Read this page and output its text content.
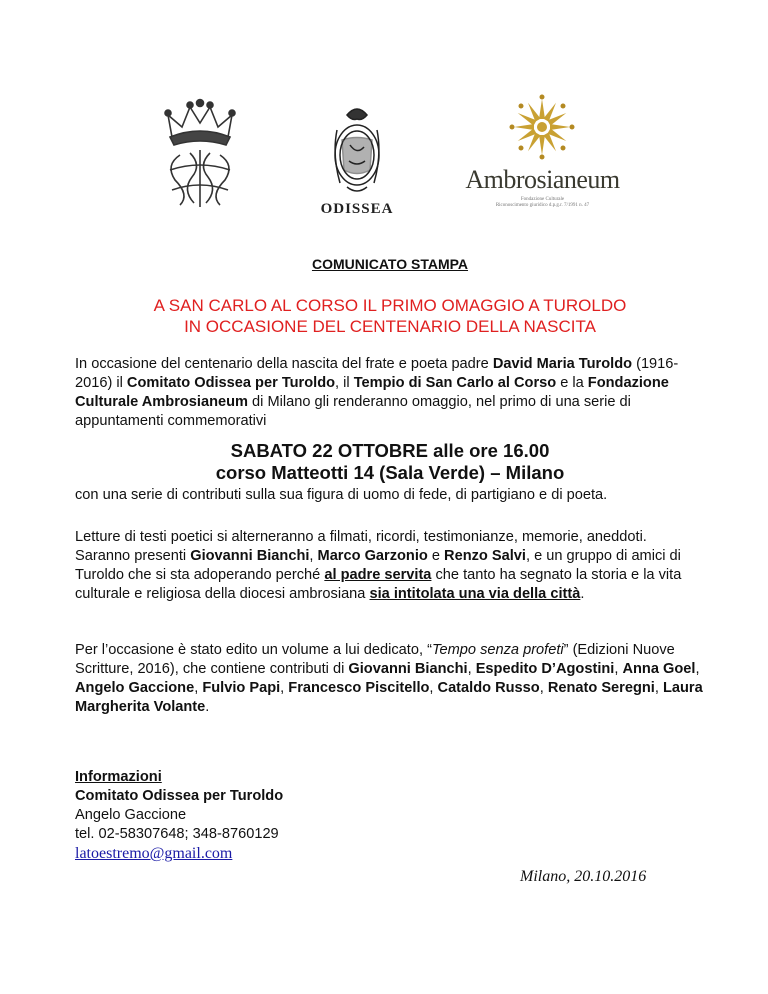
ODISSEA
Ambrosianeum
Fondazione Culturale
Riconoscimento giuridico d.p.g.r. 7/1991 n. 47
COMUNICATO STAMPA
A SAN CARLO AL CORSO IL PRIMO OMAGGIO A TUROLDO
IN OCCASIONE DEL CENTENARIO DELLA NASCITA
In occasione del centenario della nascita del frate e poeta padre David Maria Turoldo (1916-2016) il Comitato Odissea per Turoldo, il Tempio di San Carlo al Corso e la Fondazione Culturale Ambrosianeum di Milano gli renderanno omaggio, nel primo di una serie di appuntamenti commemorativi
SABATO 22 OTTOBRE alle ore 16.00
corso Matteotti 14 (Sala Verde) – Milano
con una serie di contributi sulla sua figura di uomo di fede, di partigiano e di poeta.
Letture di testi poetici si alterneranno a filmati, ricordi, testimonianze, memorie, aneddoti. Saranno presenti Giovanni Bianchi, Marco Garzonio e Renzo Salvi, e un gruppo di amici di Turoldo che si sta adoperando perché al padre servita che tanto ha segnato la storia e la vita culturale e religiosa della diocesi ambrosiana sia intitolata una via della città.
Per l’occasione è stato edito un volume a lui dedicato, “Tempo senza profeti” (Edizioni Nuove Scritture, 2016), che contiene contributi di Giovanni Bianchi, Espedito D’Agostini, Anna Goel, Angelo Gaccione, Fulvio Papi, Francesco Piscitello, Cataldo Russo, Renato Seregni, Laura Margherita Volante.
Informazioni
Comitato Odissea per Turoldo
Angelo Gaccione
tel. 02-58307648; 348-8760129
latoestremo@gmail.com
Milano, 20.10.2016
